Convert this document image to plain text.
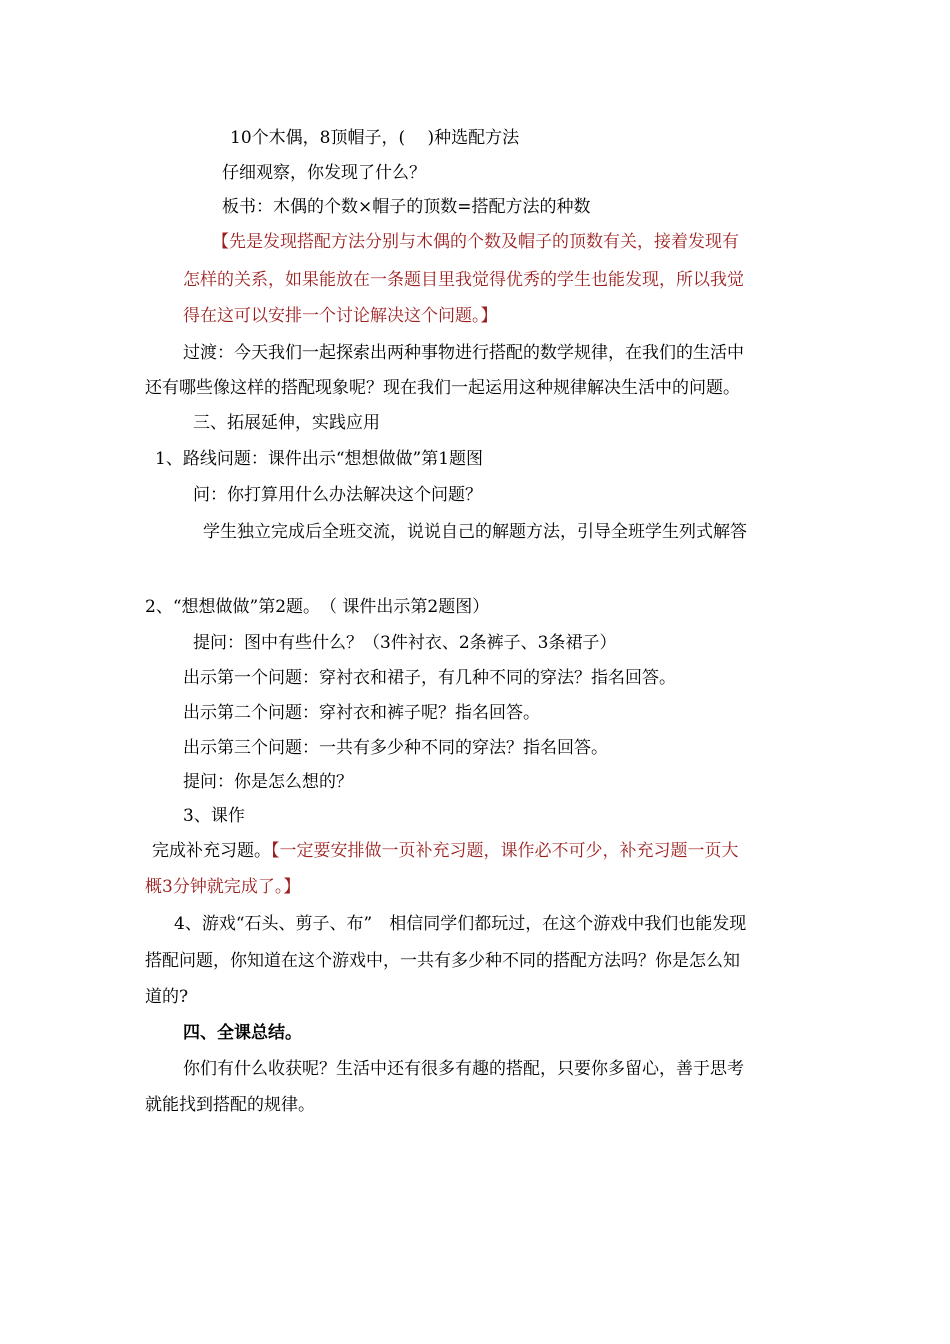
10个木偶，8顶帽子，(　 )种选配方法
仔细观察，你发现了什么？
板书：木偶的个数×帽子的顶数=搭配方法的种数
【先是发现搭配方法分别与木偶的个数及帽子的顶数有关，接着发现有
怎样的关系，如果能放在一条题目里我觉得优秀的学生也能发现，所以我觉
得在这可以安排一个讨论解决这个问题。】
过渡：今天我们一起探索出两种事物进行搭配的数学规律，在我们的生活中
还有哪些像这样的搭配现象呢？现在我们一起运用这种规律解决生活中的问题。
三、拓展延伸，实践应用
1、路线问题：课件出示“想想做做”第1题图
问：你打算用什么办法解决这个问题？
学生独立完成后全班交流，说说自己的解题方法，引导全班学生列式解答
2、“想想做做”第2题。　（ 课件出示第2题图）
提问：图中有些什么？（3件衬衣、2条裤子、3条裙子）
出示第一个问题：穿衬衣和裙子，有几种不同的穿法？指名回答。
出示第二个问题：穿衬衣和裤子呢？指名回答。
出示第三个问题：一共有多少种不同的穿法？指名回答。
提问：你是怎么想的？
3、课作
完成补充习题。【一定要安排做一页补充习题，课作必不可少，补充习题一页大
概3分钟就完成了。】
4、游戏“石头、剪子、布”　相信同学们都玩过，在这个游戏中我们也能发现
搭配问题，你知道在这个游戏中，一共有多少种不同的搭配方法吗？你是怎么知
道的?
四、全课总结。
你们有什么收获呢？生活中还有很多有趣的搭配，只要你多留心，善于思考
就能找到搭配的规律。
